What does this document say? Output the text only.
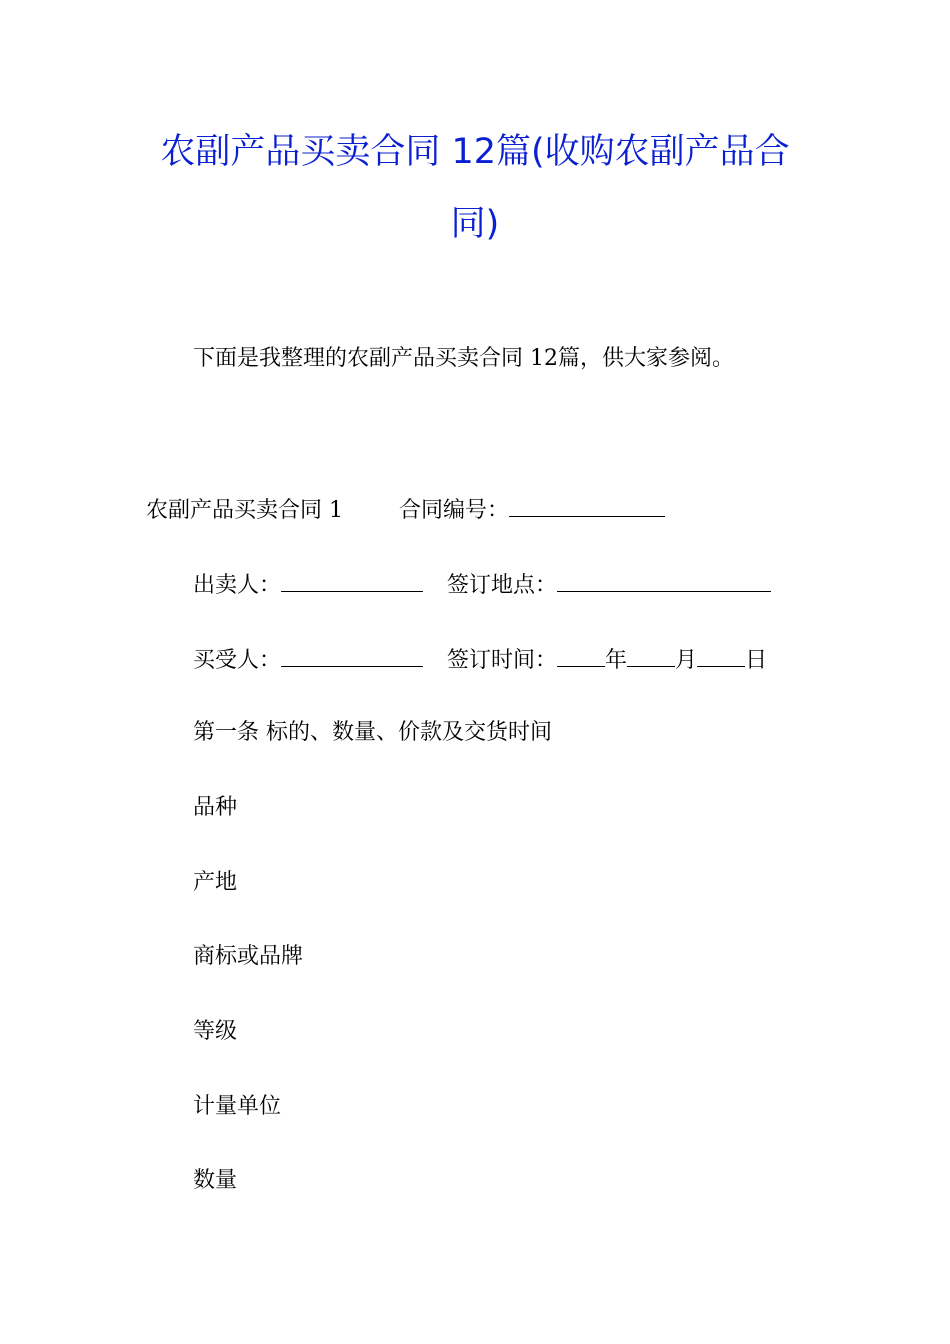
农副产品买卖合同 12篇(收购农副产品合
同)
下面是我整理的农副产品买卖合同 12篇，供大家参阅。
农副产品买卖合同 1	合同编号：
出卖人：	签订地点：
买受人：	签订时间： 年 月 日
第一条 标的、数量、价款及交货时间
品种
产地
商标或品牌
等级
计量单位
数量
